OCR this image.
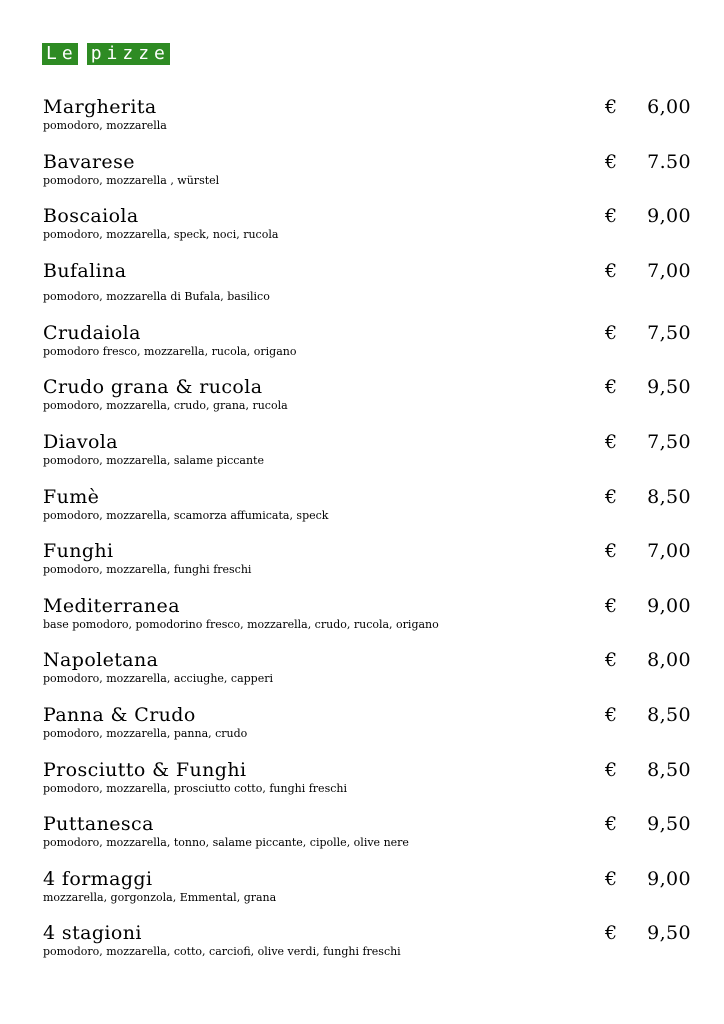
Le pizze
Margherita
pomodoro, mozzarella
€ 6,00
Bavarese
pomodoro, mozzarella , würstel
€ 7.50
Boscaiola
pomodoro, mozzarella, speck, noci, rucola
€ 9,00
Bufalina
pomodoro, mozzarella di Bufala, basilico
€ 7,00
Crudaiola
pomodoro fresco, mozzarella, rucola, origano
€ 7,50
Crudo grana & rucola
pomodoro, mozzarella, crudo, grana, rucola
€ 9,50
Diavola
pomodoro, mozzarella, salame piccante
€ 7,50
Fumè
pomodoro, mozzarella, scamorza affumicata, speck
€ 8,50
Funghi
pomodoro, mozzarella, funghi freschi
€ 7,00
Mediterranea
base pomodoro, pomodorino fresco, mozzarella, crudo, rucola, origano
€ 9,00
Napoletana
pomodoro, mozzarella, acciughe, capperi
€ 8,00
Panna & Crudo
pomodoro, mozzarella, panna, crudo
€ 8,50
Prosciutto & Funghi
pomodoro, mozzarella, prosciutto cotto, funghi freschi
€ 8,50
Puttanesca
pomodoro, mozzarella, tonno, salame piccante, cipolle, olive nere
€ 9,50
4 formaggi
mozzarella, gorgonzola, Emmental, grana
€ 9,00
4 stagioni
pomodoro, mozzarella, cotto, carciofi, olive verdi, funghi freschi
€ 9,50
